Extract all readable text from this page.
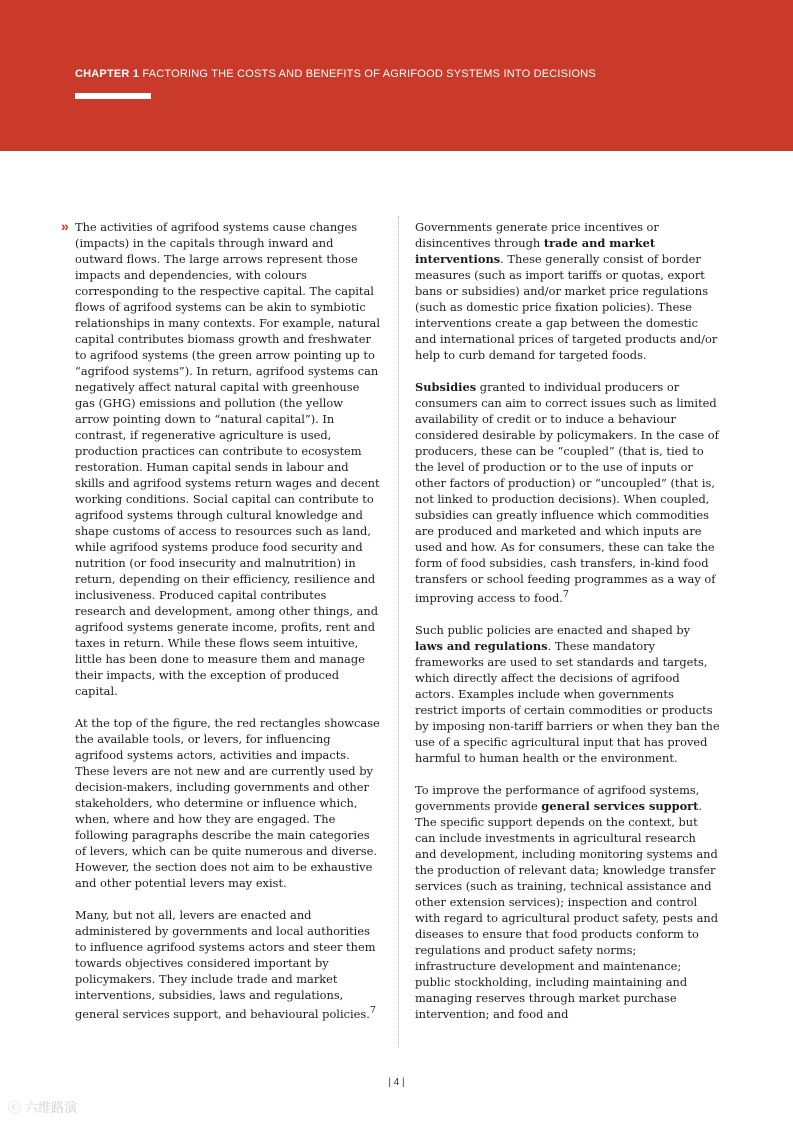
CHAPTER 1 FACTORING THE COSTS AND BENEFITS OF AGRIFOOD SYSTEMS INTO DECISIONS
» The activities of agrifood systems cause changes (impacts) in the capitals through inward and outward flows. The large arrows represent those impacts and dependencies, with colours corresponding to the respective capital. The capital flows of agrifood systems can be akin to symbiotic relationships in many contexts. For example, natural capital contributes biomass growth and freshwater to agrifood systems (the green arrow pointing up to “agrifood systems”). In return, agrifood systems can negatively affect natural capital with greenhouse gas (GHG) emissions and pollution (the yellow arrow pointing down to “natural capital”). In contrast, if regenerative agriculture is used, production practices can contribute to ecosystem restoration. Human capital sends in labour and skills and agrifood systems return wages and decent working conditions. Social capital can contribute to agrifood systems through cultural knowledge and shape customs of access to resources such as land, while agrifood systems produce food security and nutrition (or food insecurity and malnutrition) in return, depending on their efficiency, resilience and inclusiveness. Produced capital contributes research and development, among other things, and agrifood systems generate income, profits, rent and taxes in return. While these flows seem intuitive, little has been done to measure them and manage their impacts, with the exception of produced capital.

At the top of the figure, the red rectangles showcase the available tools, or levers, for influencing agrifood systems actors, activities and impacts. These levers are not new and are currently used by decision-makers, including governments and other stakeholders, who determine or influence which, when, where and how they are engaged. The following paragraphs describe the main categories of levers, which can be quite numerous and diverse. However, the section does not aim to be exhaustive and other potential levers may exist.

Many, but not all, levers are enacted and administered by governments and local authorities to influence agrifood systems actors and steer them towards objectives considered important by policymakers. They include trade and market interventions, subsidies, laws and regulations, general services support, and behavioural policies.$^7$

Governments generate price incentives or disincentives through trade and market interventions. These generally consist of border measures (such as import tariffs or quotas, export bans or subsidies) and/or market price regulations (such as domestic price fixation policies). These interventions create a gap between the domestic and international prices of targeted products and/or help to curb demand for targeted foods.

Subsidies granted to individual producers or consumers can aim to correct issues such as limited availability of credit or to induce a behaviour considered desirable by policymakers. In the case of producers, these can be “coupled” (that is, tied to the level of production or to the use of inputs or other factors of production) or “uncoupled” (that is, not linked to production decisions). When coupled, subsidies can greatly influence which commodities are produced and marketed and which inputs are used and how. As for consumers, these can take the form of food subsidies, cash transfers, in-kind food transfers or school feeding programmes as a way of improving access to food.$^7$

Such public policies are enacted and shaped by laws and regulations. These mandatory frameworks are used to set standards and targets, which directly affect the decisions of agrifood actors. Examples include when governments restrict imports of certain commodities or products by imposing non-tariff barriers or when they ban the use of a specific agricultural input that has proved harmful to human health or the environment.

To improve the performance of agrifood systems, governments provide general services support. The specific support depends on the context, but can include investments in agricultural research and development, including monitoring systems and the production of relevant data; knowledge transfer services (such as training, technical assistance and other extension services); inspection and control with regard to agricultural product safety, pests and diseases to ensure that food products conform to regulations and product safety norms; infrastructure development and maintenance; public stockholding, including maintaining and managing reserves through market purchase intervention; and food and

| 4 |
ⓒ 六维路演
